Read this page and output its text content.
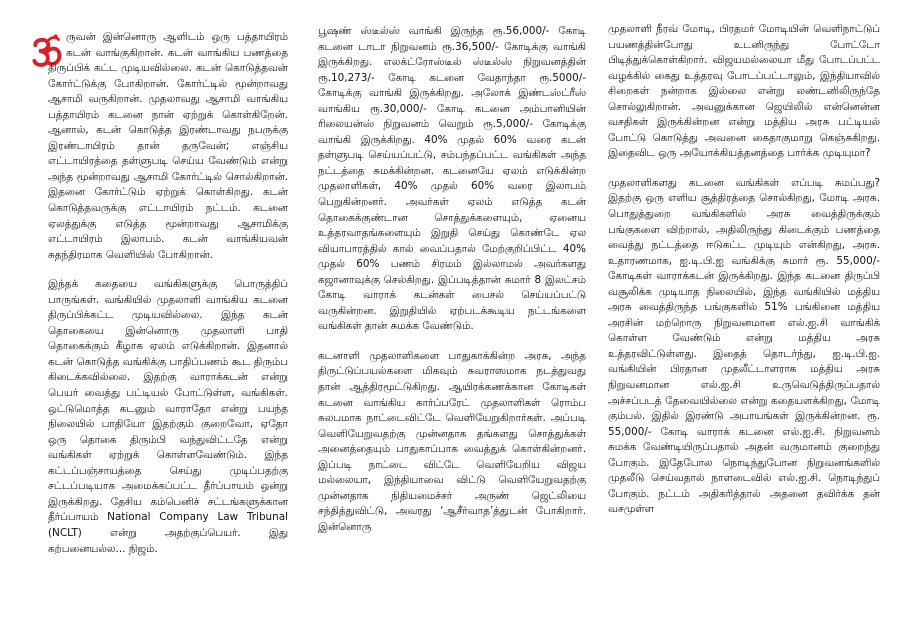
ருவன் இன்னொரு ஆளிடம் ஒரு பத்தாயிரம் கடன் வாங்குகிறான். கடன் வாங்கிய பணத்தை திருப்பிக் கட்ட முடியவில்லை. கடன் கொடுத்தவன் கோர்ட்டுக்கு போகிறான். கோர்ட்டில் மூன்றாவது ஆசாமி வருகிறான். முதலாவது ஆசாமி வாங்கிய பத்தாயிரம் கடனை நான் ஏற்றுக் கொள்கிறேன். ஆனால், கடன் கொடுத்த இரண்டாவது நபருக்கு இரண்டாயிரம் தான் தருவேன்; எஞ்சிய எட்டாயிரத்தை தள்ளுபடி செய்ய வேண்டும் என்று அந்த மூன்றாவது ஆசாமி கோர்ட்டில் சொல்கிறான். இதனை கோர்ட்டும் ஏற்றுக் கொள்கிறது. கடன் கொடுத்தவருக்கு எட்டாயிரம் நட்டம். கடனை ஏலத்துக்கு எடுத்த மூன்றாவது ஆசாமிக்கு எட்டாயிரம் இலாபம். கடன் வாங்கியவன் சுதந்திரமாக வெளியில் போகிறான்.

இந்தக் கதையை வங்கிகளுக்கு பொருத்திப் பாருங்கள். வங்கியில் முதலாளி வாங்கிய கடனை திருப்பிக்கட்ட முடியவில்லை. இந்த கடன் தொகையை இன்னொரு முதலாளி பாதி தொகைக்கும் கீழாக ஏலம் எடுக்கிறான். இதனால் கடன் கொடுத்த வங்கிக்கு பாதிப்பணம் கூட திரும்ப கிடைக்கவில்லை. இதற்கு வாராக்கடன் என்று பெயர் வைத்து பட்டியல் போட்டுள்ள, வங்கிகள். ஒட்டுமொத்த கடனும் வாராதோ என்று பயந்த நிலையில் பாதியோ இதற்கும் குறைவோ, ஏதோ ஒரு தொகை திரும்பி வந்துவிட்டதே என்று வங்கிகள் ஏற்றுக் கொள்ளவேண்டும். இந்த கட்டப்பஞ்சாயத்தை செய்து முடிப்பதற்கு சட்டப்படியாக அமைக்கப்பட்ட தீர்ப்பாயம் ஒன்று இருக்கிறது. தேசிய கம்பெனிச் சட்டங்களுக்கான தீர்ப்பாயம் National Company Law Tribunal (NCLT) என்று அதற்குப்பெயர். இது கற்பனையல்ல... நிஜம்.

பூஷண் ஸ்டீல்ஸ் வாங்கி இருந்த ரூ.56,000/- கோடி கடனை டாடா நிறுவனம் ரூ.36,500/- கோடிக்கு வாங்கி இருக்கிறது. எலக்ட்ரோஸ்டீல் ஸ்டீல்ஸ் நிறுவனத்தின் ரூ.10,273/- கோடி கடனை வேதாந்தா ரூ.5000/- கோடிக்கு வாங்கி இருக்கிறது. அலோக் இண்டஸ்ட்ரீஸ் வாங்கிய ரூ.30,000/- கோடி கடனை அம்பானியின் ரிலையன்ஸ் நிறுவனம் வெறும் ரூ.5,000/- கோடிக்கு வாங்கி இருக்கிறது. 40% முதல் 60% வரை கடன் தள்ளுபடி செய்யப்பட்டு, சம்பந்தப்பட்ட வங்கிகள் அந்த நட்டத்தை சுமக்கின்றன. கடனையே ஏலம் எடுக்கின்ற முதலாளிகள், 40% முதல் 60% வரை இலாபம் பெறுகின்றனர். அவர்கள் ஏலம் எடுத்த கடன் தொகைக்குண்டான சொத்துக்களையும், ஏனைய உத்தரவாதங்களையும் இறுதி செய்து கொண்டே ஏல வியாபாரத்தில் கால் வைப்பதால் மேற்குறிப்பிட்ட 40% முதல் 60% பணம் சிரமம் இல்லாமல் அவர்களது கஜானாவுக்கு செல்கிறது. இப்படித்தான் சுமார் 8 இலட்சம் கோடி வாராக் கடன்கள் பைசல் செய்யப்பட்டு வருகின்றன. இறுதியில் ஏற்படக்கூடிய நட்டங்களை வங்கிகள் தான் சுமக்க வேண்டும்.

கடனாளி முதலாளிகளை பாதுகாக்கின்ற அரசு, அந்த திருட்டுப்பயல்களை மிகவும் சுவராஸமாக நடத்துவது தான் ஆத்திரமூட்டுகிறது. ஆயிரக்கணக்கான கோடிகள் கடனை வாங்கிய கார்ப்பரேட் முதலாளிகள் ரொம்ப சுலபமாக நாட்டைவிட்டே வெளியேறுகிறார்கள். அப்படி வெளியேறுவதற்கு முன்னதாக தங்களது சொத்துக்கள் அனைத்தையும் பாதுகாப்பாக வைத்துக் கொள்கின்றனர். இப்படி நாட்டை விட்டே வெளியேறிய விஜய மல்லையா, இந்தியாவை விட்டு வெளியேறுவதற்கு முன்னதாக நிதியமைச்சர் அருண் ஜெட்லியை சந்தித்துவிட்டு, அவரது ‘ஆசீர்வாத’த்துடன் போகிறார். இன்னொரு

முதலாளி நீரவ் மோடி, பிரதமர் மோடியின் வெளிநாட்டுப் பயணத்தின்போது உடனிருந்து போட்டோ பிடித்துக்கொள்கிறார். விஜயமல்லையா மீது போடப்பட்ட வழக்கில் கைது உத்தரவு போடப்பட்டாலும், இந்தியாவில் சிறைகள் நன்றாக இல்லை என்று லண்டனிலிருந்தே சொல்லுகிறான். அவனுக்கான ஜெயிலில் என்னென்ன வசதிகள் இருக்கின்றன என்று மத்திய அரசு பட்டியல் போட்டு கொடுத்து அவனை கைதாகுமாறு கெஞ்சுகிறது. இதைவிட ஒரு அயோக்கியத்தனத்தை பார்க்க முடியுமா?

முதலாளிகளது கடனை வங்கிகள் எப்படி சுமப்பது? இதற்கு ஒரு எளிய சூத்திரத்தை சொல்கிறது, மோடி அரசு. பொதுத்துறை வங்கிகளில் அரசு வைத்திருக்கும் பங்குகளை விற்றால், அதிலிருந்து கிடைக்கும் பணத்தை வைத்து நட்டத்தை ஈடுகட்ட முடியும் என்கிறது, அரசு. உதாரணமாக, ஐ.டி.பி.ஐ வங்கிக்கு சுமார் ரூ. 55,000/- கோடிகள் வாராக்கடன் இருக்கிறது. இந்த கடனை திருப்பி வசூலிக்க முடியாத நிலையில், இந்த வங்கியில் மத்திய அரசு வைத்திருந்த பங்குகளில் 51% பங்கினை மத்திய அரசின் மற்றொரு நிறுவனமான எல்.ஐ.சி வாங்கிக் கொள்ள வேண்டும் என்று மத்திய அரசு உத்தரவிட்டுள்ளது. இதைத் தொடர்ந்து, ஐ.டி.பி.ஐ. வங்கியின் பிரதான முதலீட்டாளராக மத்திய அரசு நிறுவனமான எல்.ஐ.சி உருவெடுத்திருப்பதால் அச்சப்படத் தேவையில்லை என்று கதையளக்கிறது, மோடி கும்பல். இதில் இரண்டு அபாயங்கள் இருக்கின்றன. ரூ. 55,000/- கோடி வாராக் கடனை எல்.ஐ.சி. நிறுவனம் சுமக்க வேண்டியிருப்பதால் அதன் வருமானம் குறைந்து போகும். இதேபோல நொடிந்துபோன நிறுவனங்களில் முதலீடு செய்வதால் நாளடைவில் எல்.ஐ.சி. நொடிந்துப் போகும். நட்டம் அதிகரித்தால் அதனை தவிர்க்க தன் வசமுள்ள
